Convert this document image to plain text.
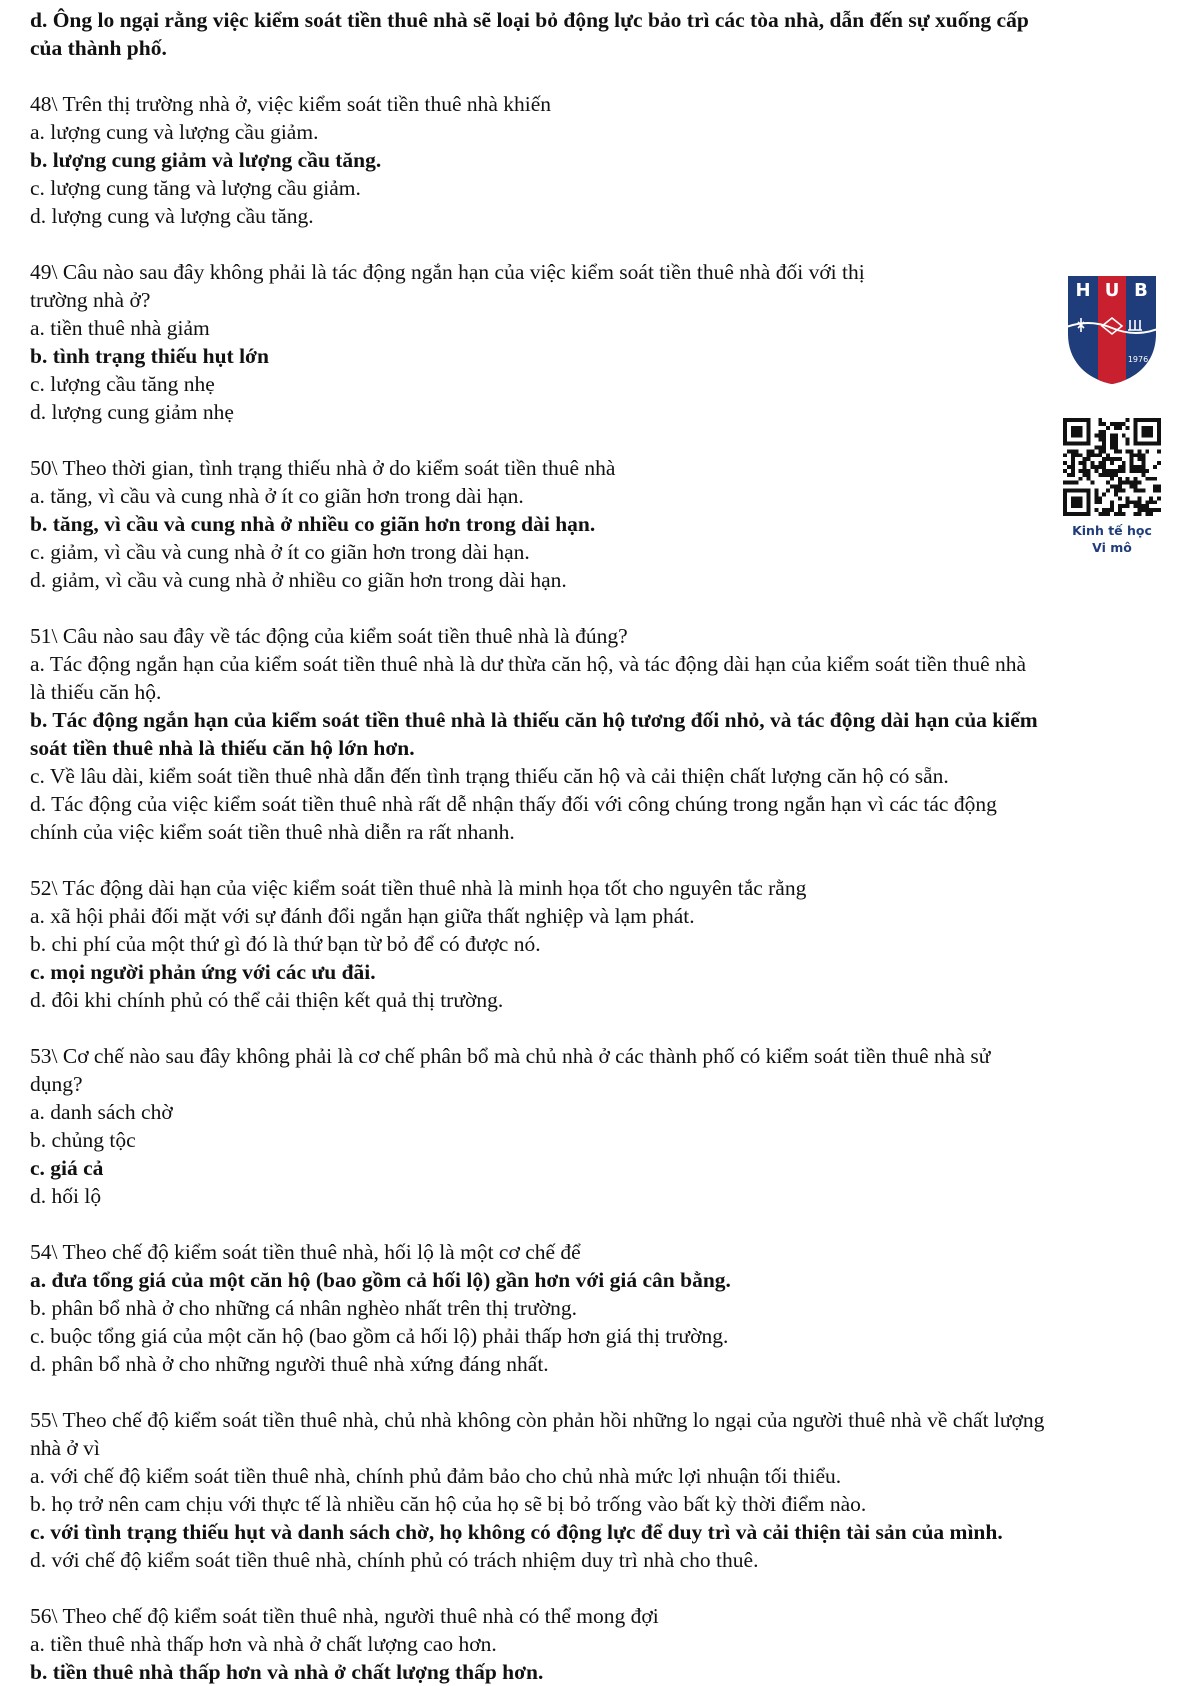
d. Ông lo ngại rằng việc kiểm soát tiền thuê nhà sẽ loại bỏ động lực bảo trì các tòa nhà, dẫn đến sự xuống cấp
của thành phố.
48\ Trên thị trường nhà ở, việc kiểm soát tiền thuê nhà khiến
a. lượng cung và lượng cầu giảm.
b. lượng cung giảm và lượng cầu tăng.
c. lượng cung tăng và lượng cầu giảm.
d. lượng cung và lượng cầu tăng.
49\ Câu nào sau đây không phải là tác động ngắn hạn của việc kiểm soát tiền thuê nhà đối với thị
trường nhà ở?
a. tiền thuê nhà giảm
b. tình trạng thiếu hụt lớn
c. lượng cầu tăng nhẹ
d. lượng cung giảm nhẹ
50\ Theo thời gian, tình trạng thiếu nhà ở do kiểm soát tiền thuê nhà
a. tăng, vì cầu và cung nhà ở ít co giãn hơn trong dài hạn.
b. tăng, vì cầu và cung nhà ở nhiều co giãn hơn trong dài hạn.
c. giảm, vì cầu và cung nhà ở ít co giãn hơn trong dài hạn.
d. giảm, vì cầu và cung nhà ở nhiều co giãn hơn trong dài hạn.
51\ Câu nào sau đây về tác động của kiểm soát tiền thuê nhà là đúng?
a. Tác động ngắn hạn của kiểm soát tiền thuê nhà là dư thừa căn hộ, và tác động dài hạn của kiểm soát tiền thuê nhà
là thiếu căn hộ.
b. Tác động ngắn hạn của kiểm soát tiền thuê nhà là thiếu căn hộ tương đối nhỏ, và tác động dài hạn của kiểm
soát tiền thuê nhà là thiếu căn hộ lớn hơn.
c. Về lâu dài, kiểm soát tiền thuê nhà dẫn đến tình trạng thiếu căn hộ và cải thiện chất lượng căn hộ có sẵn.
d. Tác động của việc kiểm soát tiền thuê nhà rất dễ nhận thấy đối với công chúng trong ngắn hạn vì các tác động
chính của việc kiểm soát tiền thuê nhà diễn ra rất nhanh.
52\ Tác động dài hạn của việc kiểm soát tiền thuê nhà là minh họa tốt cho nguyên tắc rằng
a. xã hội phải đối mặt với sự đánh đổi ngắn hạn giữa thất nghiệp và lạm phát.
b. chi phí của một thứ gì đó là thứ bạn từ bỏ để có được nó.
c. mọi người phản ứng với các ưu đãi.
d. đôi khi chính phủ có thể cải thiện kết quả thị trường.
53\ Cơ chế nào sau đây không phải là cơ chế phân bổ mà chủ nhà ở các thành phố có kiểm soát tiền thuê nhà sử
dụng?
a. danh sách chờ
b. chủng tộc
c. giá cả
d. hối lộ
54\ Theo chế độ kiểm soát tiền thuê nhà, hối lộ là một cơ chế để
a. đưa tổng giá của một căn hộ (bao gồm cả hối lộ) gần hơn với giá cân bằng.
b. phân bổ nhà ở cho những cá nhân nghèo nhất trên thị trường.
c. buộc tổng giá của một căn hộ (bao gồm cả hối lộ) phải thấp hơn giá thị trường.
d. phân bổ nhà ở cho những người thuê nhà xứng đáng nhất.
55\ Theo chế độ kiểm soát tiền thuê nhà, chủ nhà không còn phản hồi những lo ngại của người thuê nhà về chất lượng
nhà ở vì
a. với chế độ kiểm soát tiền thuê nhà, chính phủ đảm bảo cho chủ nhà mức lợi nhuận tối thiểu.
b. họ trở nên cam chịu với thực tế là nhiều căn hộ của họ sẽ bị bỏ trống vào bất kỳ thời điểm nào.
c. với tình trạng thiếu hụt và danh sách chờ, họ không có động lực để duy trì và cải thiện tài sản của mình.
d. với chế độ kiểm soát tiền thuê nhà, chính phủ có trách nhiệm duy trì nhà cho thuê.
56\ Theo chế độ kiểm soát tiền thuê nhà, người thuê nhà có thể mong đợi
a. tiền thuê nhà thấp hơn và nhà ở chất lượng cao hơn.
b. tiền thuê nhà thấp hơn và nhà ở chất lượng thấp hơn.
H U B
1976
Kinh tế học
Vi mô
